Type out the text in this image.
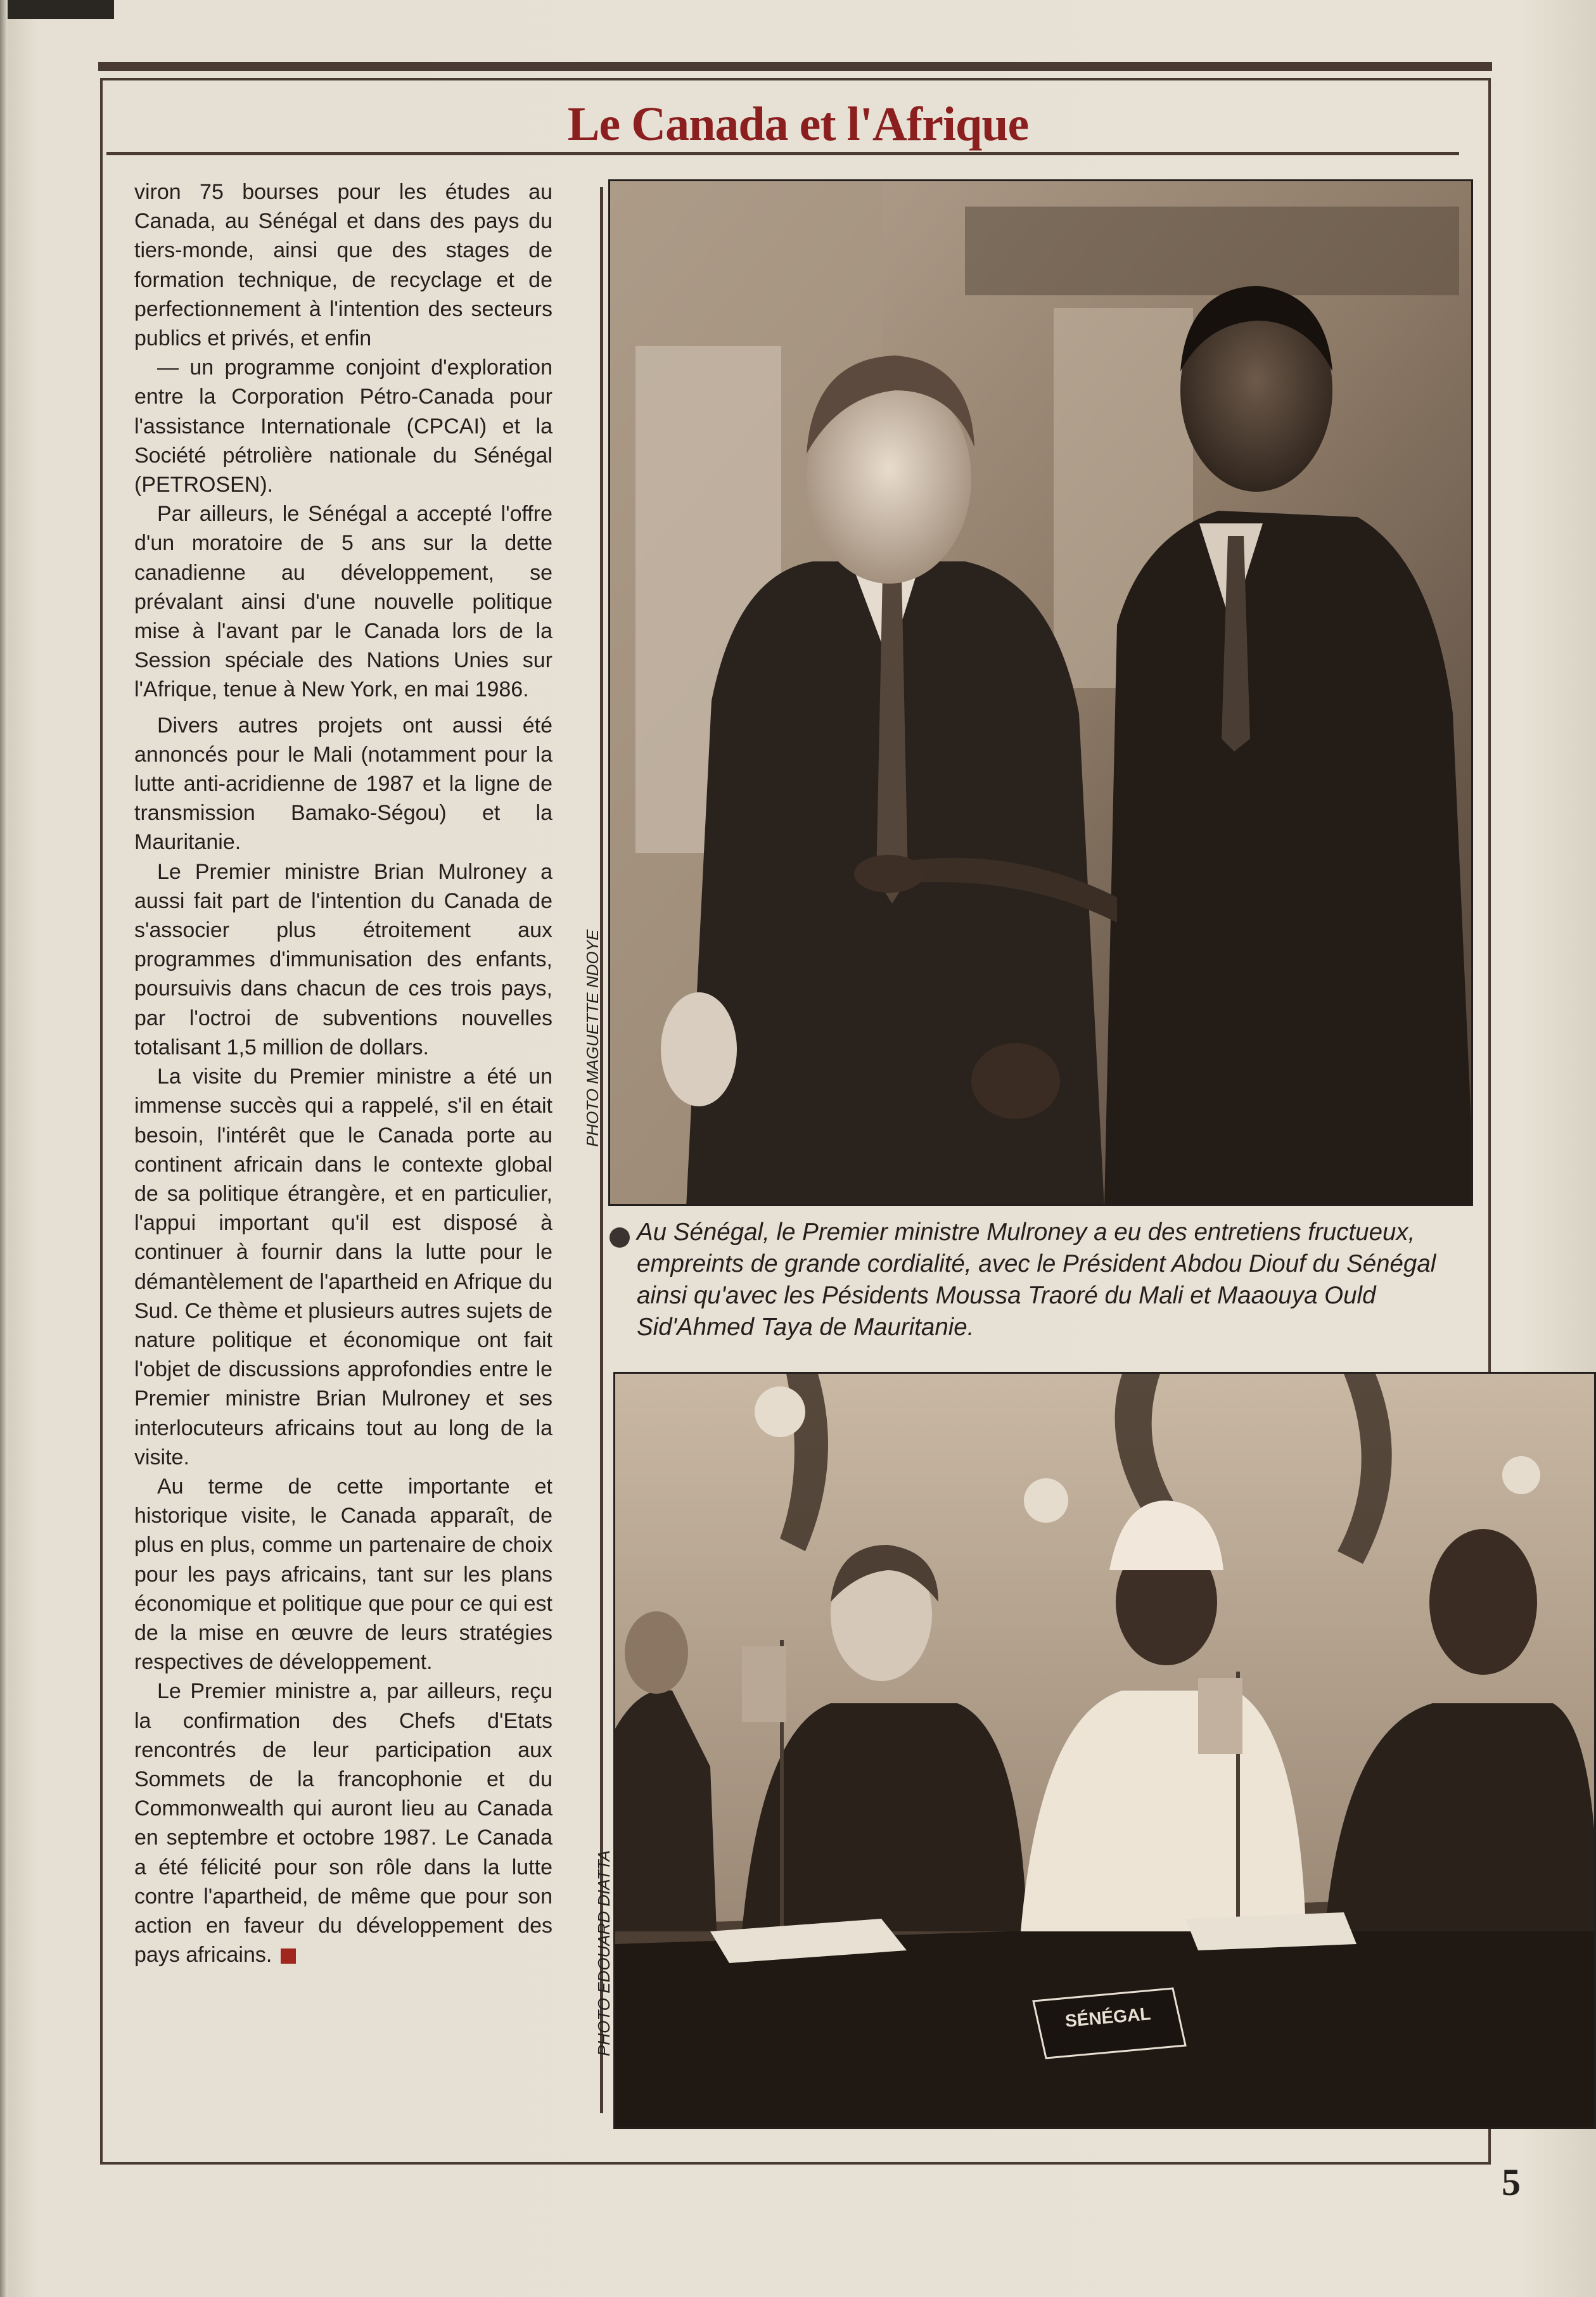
Le Canada et l'Afrique

viron 75 bourses pour les études au Canada, au Sénégal et dans des pays du tiers-monde, ainsi que des stages de formation technique, de recyclage et de perfectionnement à l'intention des secteurs publics et privés, et enfin

— un programme conjoint d'exploration entre la Corporation Pétro-Canada pour l'assistance Internationale (CPCAI) et la Société pétrolière nationale du Sénégal (PETROSEN).

Par ailleurs, le Sénégal a accepté l'offre d'un moratoire de 5 ans sur la dette canadienne au développement, se prévalant ainsi d'une nouvelle politique mise à l'avant par le Canada lors de la Session spéciale des Nations Unies sur l'Afrique, tenue à New York, en mai 1986.

Divers autres projets ont aussi été annoncés pour le Mali (notamment pour la lutte anti-acridienne de 1987 et la ligne de transmission Bamako-Ségou) et la Mauritanie.

Le Premier ministre Brian Mulroney a aussi fait part de l'intention du Canada de s'associer plus étroitement aux programmes d'immunisation des enfants, poursuivis dans chacun de ces trois pays, par l'octroi de subventions nouvelles totalisant 1,5 million de dollars.

La visite du Premier ministre a été un immense succès qui a rappelé, s'il en était besoin, l'intérêt que le Canada porte au continent africain dans le contexte global de sa politique étrangère, et en particulier, l'appui important qu'il est disposé à continuer à fournir dans la lutte pour le démantèlement de l'apartheid en Afrique du Sud. Ce thème et plusieurs autres sujets de nature politique et économique ont fait l'objet de discussions approfondies entre le Premier ministre Brian Mulroney et ses interlocuteurs africains tout au long de la visite.

Au terme de cette importante et historique visite, le Canada apparaît, de plus en plus, comme un partenaire de choix pour les pays africains, tant sur les plans économique et politique que pour ce qui est de la mise en œuvre de leurs stratégies respectives de développement.

Le Premier ministre a, par ailleurs, reçu la confirmation des Chefs d'Etats rencontrés de leur participation aux Sommets de la francophonie et du Commonwealth qui auront lieu au Canada en septembre et octobre 1987. Le Canada a été félicité pour son rôle dans la lutte contre l'apartheid, de même que pour son action en faveur du développement des pays africains.

PHOTO MAGUETTE NDOYE

Au Sénégal, le Premier ministre Mulroney a eu des entretiens fructueux, empreints de grande cordialité, avec le Président Abdou Diouf du Sénégal ainsi qu'avec les Pésidents Moussa Traoré du Mali et Maaouya Ould Sid'Ahmed Taya de Mauritanie.

SÉNÉGAL
PHOTO EDOUARD DIATTA
5
